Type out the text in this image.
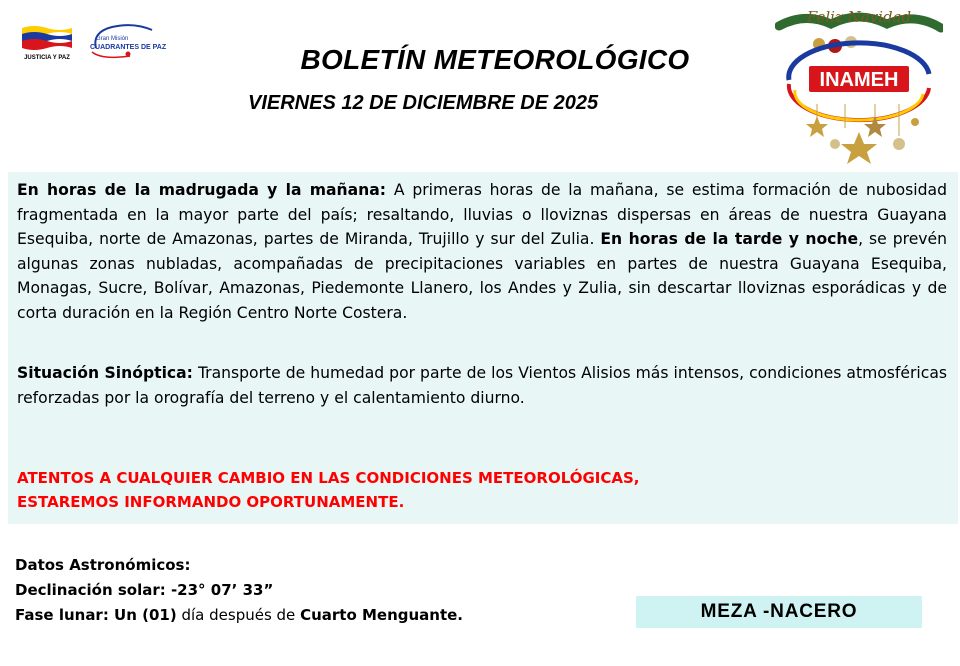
JUSTICIA Y PAZ
Gran Misión
CUADRANTES DE PAZ	BOLETÍN METEOROLÓGICO
VIERNES 12 DE DICIEMBRE DE 2025
Feliz Navidad
INAMEH

En horas de la madrugada y la mañana: A primeras horas de la mañana, se estima formación de nubosidad fragmentada en la mayor parte del país; resaltando, lluvias o lloviznas dispersas en áreas de nuestra Guayana Esequiba, norte de Amazonas, partes de Miranda, Trujillo y sur del Zulia. En horas de la tarde y noche, se prevén algunas zonas nubladas, acompañadas de precipitaciones variables en partes de nuestra Guayana Esequiba, Monagas, Sucre, Bolívar, Amazonas, Piedemonte Llanero, los Andes y Zulia, sin descartar lloviznas esporádicas y de corta duración en la Región Centro Norte Costera.

Situación Sinóptica: Transporte de humedad por parte de los Vientos Alisios más intensos, condiciones atmosféricas reforzadas por la orografía del terreno y el calentamiento diurno.

ATENTOS A CUALQUIER CAMBIO EN LAS CONDICIONES METEOROLÓGICAS,
ESTAREMOS INFORMANDO OPORTUNAMENTE.
Datos Astronómicos:
Declinación solar: -23° 07’ 33”
Fase lunar: Un (01) día después de Cuarto Menguante.	MEZA -NACERO
